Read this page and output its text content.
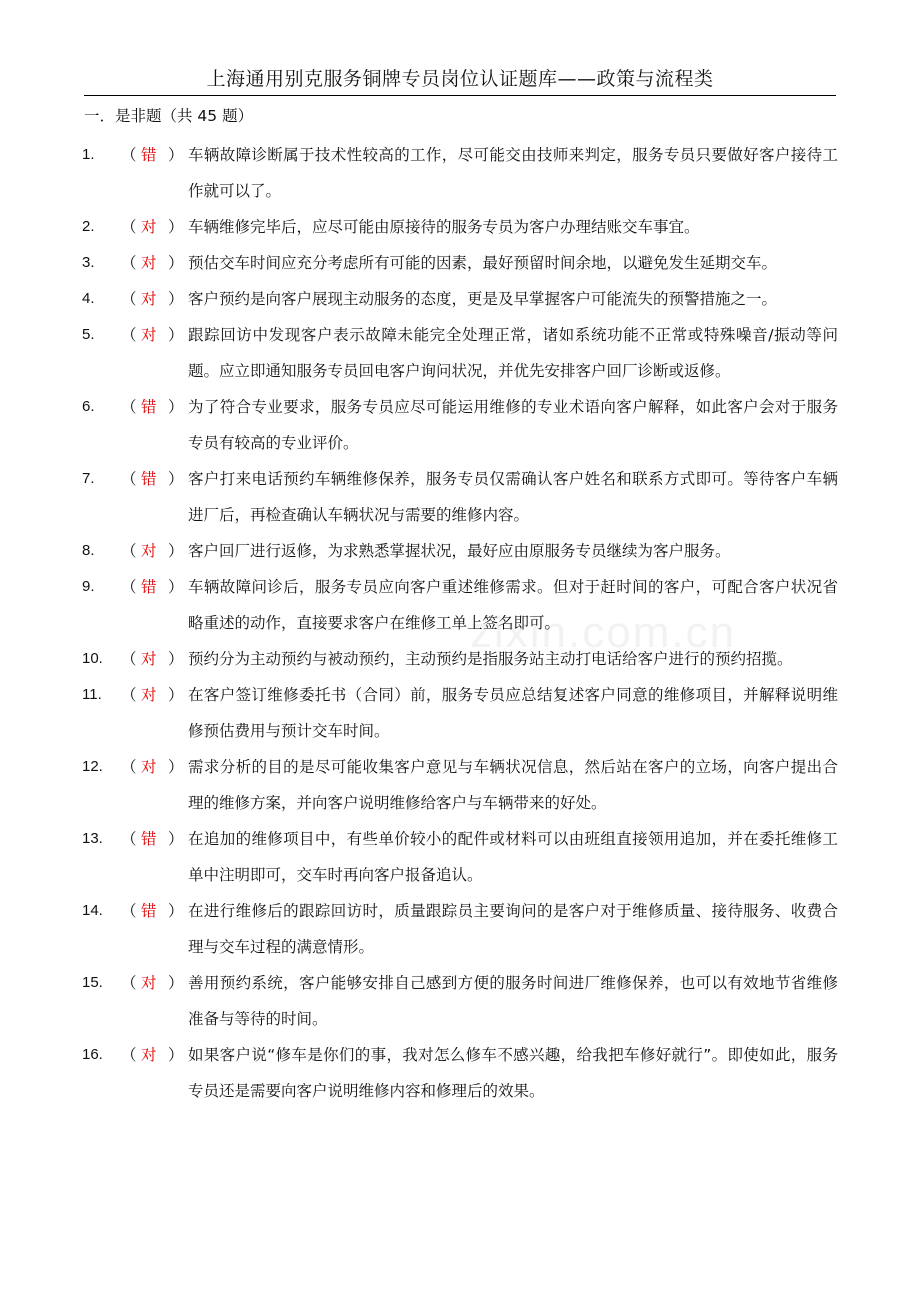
上海通用别克服务铜牌专员岗位认证题库——政策与流程类
一．是非题（共 45 题）
zixin.com.cn
1. （ 错 ） 车辆故障诊断属于技术性较高的工作，尽可能交由技师来判定，服务专员只要做好客户接待工作就可以了。
2. （ 对 ） 车辆维修完毕后，应尽可能由原接待的服务专员为客户办理结账交车事宜。
3. （ 对 ） 预估交车时间应充分考虑所有可能的因素，最好预留时间余地，以避免发生延期交车。
4. （ 对 ） 客户预约是向客户展现主动服务的态度，更是及早掌握客户可能流失的预警措施之一。
5. （ 对 ） 跟踪回访中发现客户表示故障未能完全处理正常，诸如系统功能不正常或特殊噪音/振动等问题。应立即通知服务专员回电客户询问状况，并优先安排客户回厂诊断或返修。
6. （ 错 ） 为了符合专业要求，服务专员应尽可能运用维修的专业术语向客户解释，如此客户会对于服务专员有较高的专业评价。
7. （ 错 ） 客户打来电话预约车辆维修保养，服务专员仅需确认客户姓名和联系方式即可。等待客户车辆进厂后，再检查确认车辆状况与需要的维修内容。
8. （ 对 ） 客户回厂进行返修，为求熟悉掌握状况，最好应由原服务专员继续为客户服务。
9. （ 错 ） 车辆故障问诊后，服务专员应向客户重述维修需求。但对于赶时间的客户，可配合客户状况省略重述的动作，直接要求客户在维修工单上签名即可。
10. （ 对 ） 预约分为主动预约与被动预约，主动预约是指服务站主动打电话给客户进行的预约招揽。
11. （ 对 ） 在客户签订维修委托书（合同）前，服务专员应总结复述客户同意的维修项目，并解释说明维修预估费用与预计交车时间。
12. （ 对 ） 需求分析的目的是尽可能收集客户意见与车辆状况信息，然后站在客户的立场，向客户提出合理的维修方案，并向客户说明维修给客户与车辆带来的好处。
13. （ 错 ） 在追加的维修项目中，有些单价较小的配件或材料可以由班组直接领用追加，并在委托维修工单中注明即可，交车时再向客户报备追认。
14. （ 错 ） 在进行维修后的跟踪回访时，质量跟踪员主要询问的是客户对于维修质量、接待服务、收费合理与交车过程的满意情形。
15. （ 对 ） 善用预约系统，客户能够安排自己感到方便的服务时间进厂维修保养，也可以有效地节省维修准备与等待的时间。
16. （ 对 ） 如果客户说“修车是你们的事，我对怎么修车不感兴趣，给我把车修好就行”。即使如此，服务专员还是需要向客户说明维修内容和修理后的效果。
